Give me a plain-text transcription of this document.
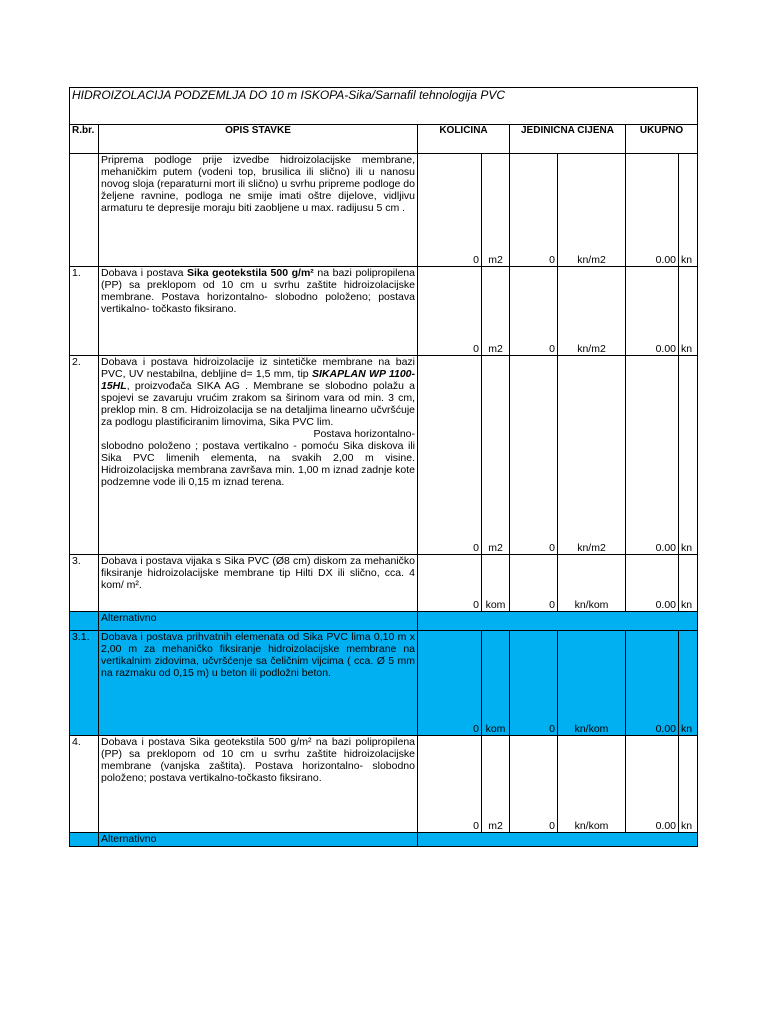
HIDROIZOLACIJA PODZEMLJA DO 10 m ISKOPA-Sika/Sarnafil tehnologija PVC							
R.br.	OPIS STAVKE	KOLIČINA		JEDINIČNA CIJENA		UKUPNO	
	Priprema podloge prije izvedbe hidroizolacijske membrane, mehaničkim putem (vodeni top, brusilica ili slično) ili u nanosu novog sloja (reparaturni mort ili slično) u svrhu pripreme podloge do željene ravnine, podloga ne smije imati oštre dijelove, vidljivu armaturu te depresije moraju biti zaobljene u max. radijusu 5 cm .	0	m2	0	kn/m2	0.00	kn
1.	Dobava i postava Sika geotekstila 500 g/m² na bazi polipropilena (PP) sa preklopom od 10 cm u svrhu zaštite hidroizolacijske membrane. Postava horizontalno- slobodno položeno; postava vertikalno- točkasto fiksirano.	0	m2	0	kn/m2	0.00	kn
2.	Dobava i postava hidroizolacije iz sintetičke membrane na bazi PVC, UV nestabilna, debljine d= 1,5 mm, tip SIKAPLAN WP 1100-15HL, proizvođača SIKA AG . Membrane se slobodno polažu a spojevi se zavaruju vrućim zrakom sa širinom vara od min. 3 cm, preklop min. 8 cm. Hidroizolacija se na detaljima linearno učvršćuje za podlogu plastificiranim limovima, Sika PVC lim.

Postava horizontalno-

slobodno položeno ; postava vertikalno - pomoću Sika diskova ili Sika PVC limenih elementa, na svakih 2,00 m visine. Hidroizolacijska membrana završava min. 1,00 m iznad zadnje kote podzemne vode ili 0,15 m iznad terena.	0	m2	0	kn/m2	0.00	kn
3.	Dobava i postava vijaka s Sika PVC (Ø8 cm) diskom za mehaničko fiksiranje hidroizolacijske membrane tip Hilti DX ili slično, cca. 4 kom/ m².	0	kom	0	kn/kom	0.00	kn
	Alternativno						
3.1.	Dobava i postava prihvatnih elemenata od Sika PVC lima 0,10 m x 2,00 m za mehaničko fiksiranje hidroizolacijske membrane na vertikalnim zidovima, učvršćenje sa čeličnim vijcima ( cca. Ø 5 mm na razmaku od 0,15 m) u beton ili podložni beton.	0	kom	0	kn/kom	0.00	kn
4.	Dobava i postava Sika geotekstila 500 g/m² na bazi polipropilena (PP) sa preklopom od 10 cm u svrhu zaštite hidroizolacijske membrane (vanjska zaštita). Postava horizontalno- slobodno položeno; postava vertikalno-točkasto fiksirano.	0	m2	0	kn/kom	0.00	kn
	Alternativno						
